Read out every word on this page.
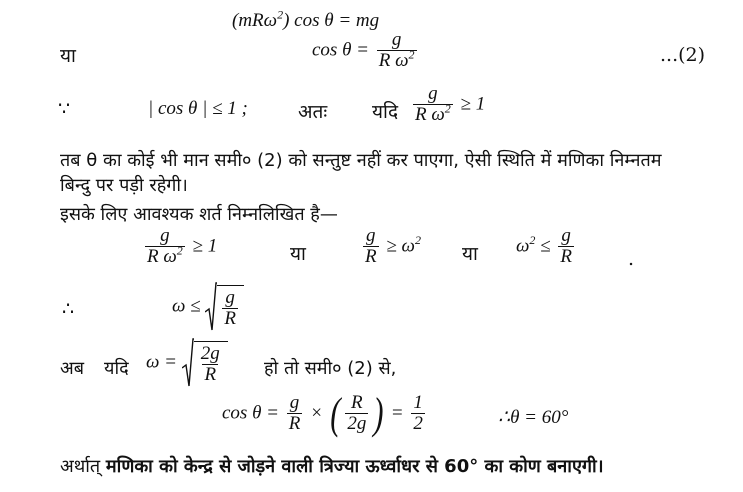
(mRω$^2$) cos θ = mg
या	$\cos \theta = \frac{g}{R \omega^2}$	...(2)
∵	| cos θ | ≤ 1 ;	अतः यदि $\frac{g}{R \omega^2} \ge 1$
तब θ का कोई भी मान समी० (2) को सन्तुष्ट नहीं कर पाएगा, ऐसी स्थिति में मणिका निम्नतम
बिन्दु पर पड़ी रहेगी।
इसके लिए आवश्यक शर्त निम्नलिखित है—
$\frac{g}{R \omega^2} \ge 1$	या	$\frac{g}{R} \ge \omega^2$
या $\omega^2 \le \frac{g}{R}$	.
∴	$\omega \le \frac{g}{R}$
अब यदि $\omega = \frac{2g}{R}$ हो तो समी० (2) से,
$\cos \theta = \frac{g}{R}$ × ( $\frac{R}{2g}$ ) = $\frac{1}{2}$	∴θ = 60°
अर्थात् मणिका को केन्द्र से जोड़ने वाली त्रिज्या ऊर्ध्वाधर से 60° का कोण बनाएगी।
